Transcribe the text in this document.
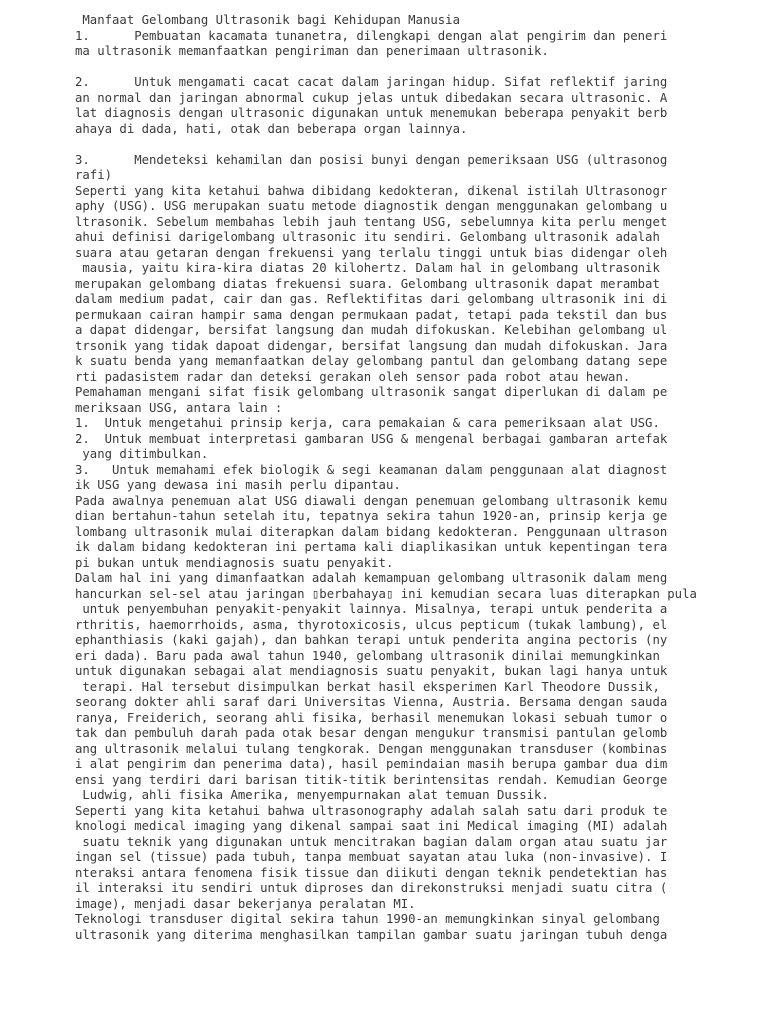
Manfaat Gelombang Ultrasonik bagi Kehidupan Manusia
1.      Pembuatan kacamata tunanetra, dilengkapi dengan alat pengirim dan peneri
ma ultrasonik memanfaatkan pengiriman dan penerimaan ultrasonik.
2.      Untuk mengamati cacat cacat dalam jaringan hidup. Sifat reflektif jaring
an normal dan jaringan abnormal cukup jelas untuk dibedakan secara ultrasonic. A
lat diagnosis dengan ultrasonic digunakan untuk menemukan beberapa penyakit berb
ahaya di dada, hati, otak dan beberapa organ lainnya.
3.      Mendeteksi kehamilan dan posisi bunyi dengan pemeriksaan USG (ultrasonog
rafi)
Seperti yang kita ketahui bahwa dibidang kedokteran, dikenal istilah Ultrasonogr
aphy (USG). USG merupakan suatu metode diagnostik dengan menggunakan gelombang u
ltrasonik. Sebelum membahas lebih jauh tentang USG, sebelumnya kita perlu menget
ahui definisi darigelombang ultrasonic itu sendiri. Gelombang ultrasonik adalah
suara atau getaran dengan frekuensi yang terlalu tinggi untuk bias didengar oleh
mausia, yaitu kira-kira diatas 20 kilohertz. Dalam hal in gelombang ultrasonik
merupakan gelombang diatas frekuensi suara. Gelombang ultrasonik dapat merambat
dalam medium padat, cair dan gas. Reflektifitas dari gelombang ultrasonik ini di
permukaan cairan hampir sama dengan permukaan padat, tetapi pada tekstil dan bus
a dapat didengar, bersifat langsung dan mudah difokuskan. Kelebihan gelombang ul
trsonik yang tidak dapoat didengar, bersifat langsung dan mudah difokuskan. Jara
k suatu benda yang memanfaatkan delay gelombang pantul dan gelombang datang sepe
rti padasistem radar dan deteksi gerakan oleh sensor pada robot atau hewan.
Pemahaman mengani sifat fisik gelombang ultrasonik sangat diperlukan di dalam pe
meriksaan USG, antara lain :
1.  Untuk mengetahui prinsip kerja, cara pemakaian & cara pemeriksaan alat USG.
2.  Untuk membuat interpretasi gambaran USG & mengenal berbagai gambaran artefak
yang ditimbulkan.
3.   Untuk memahami efek biologik & segi keamanan dalam penggunaan alat diagnost
ik USG yang dewasa ini masih perlu dipantau.
Pada awalnya penemuan alat USG diawali dengan penemuan gelombang ultrasonik kemu
dian bertahun-tahun setelah itu, tepatnya sekira tahun 1920-an, prinsip kerja ge
lombang ultrasonik mulai diterapkan dalam bidang kedokteran. Penggunaan ultrason
ik dalam bidang kedokteran ini pertama kali diaplikasikan untuk kepentingan tera
pi bukan untuk mendiagnosis suatu penyakit.
Dalam hal ini yang dimanfaatkan adalah kemampuan gelombang ultrasonik dalam meng
hancurkan sel-sel atau jaringan ▯berbahaya▯ ini kemudian secara luas diterapkan pula
untuk penyembuhan penyakit-penyakit lainnya. Misalnya, terapi untuk penderita a
rthritis, haemorrhoids, asma, thyrotoxicosis, ulcus pepticum (tukak lambung), el
ephanthiasis (kaki gajah), dan bahkan terapi untuk penderita angina pectoris (ny
eri dada). Baru pada awal tahun 1940, gelombang ultrasonik dinilai memungkinkan
untuk digunakan sebagai alat mendiagnosis suatu penyakit, bukan lagi hanya untuk
terapi. Hal tersebut disimpulkan berkat hasil eksperimen Karl Theodore Dussik,
seorang dokter ahli saraf dari Universitas Vienna, Austria. Bersama dengan sauda
ranya, Freiderich, seorang ahli fisika, berhasil menemukan lokasi sebuah tumor o
tak dan pembuluh darah pada otak besar dengan mengukur transmisi pantulan gelomb
ang ultrasonik melalui tulang tengkorak. Dengan menggunakan transduser (kombinas
i alat pengirim dan penerima data), hasil pemindaian masih berupa gambar dua dim
ensi yang terdiri dari barisan titik-titik berintensitas rendah. Kemudian George
Ludwig, ahli fisika Amerika, menyempurnakan alat temuan Dussik.
Seperti yang kita ketahui bahwa ultrasonography adalah salah satu dari produk te
knologi medical imaging yang dikenal sampai saat ini Medical imaging (MI) adalah
suatu teknik yang digunakan untuk mencitrakan bagian dalam organ atau suatu jar
ingan sel (tissue) pada tubuh, tanpa membuat sayatan atau luka (non-invasive). I
nteraksi antara fenomena fisik tissue dan diikuti dengan teknik pendetektian has
il interaksi itu sendiri untuk diproses dan direkonstruksi menjadi suatu citra (
image), menjadi dasar bekerjanya peralatan MI.
Teknologi transduser digital sekira tahun 1990-an memungkinkan sinyal gelombang
ultrasonik yang diterima menghasilkan tampilan gambar suatu jaringan tubuh denga
